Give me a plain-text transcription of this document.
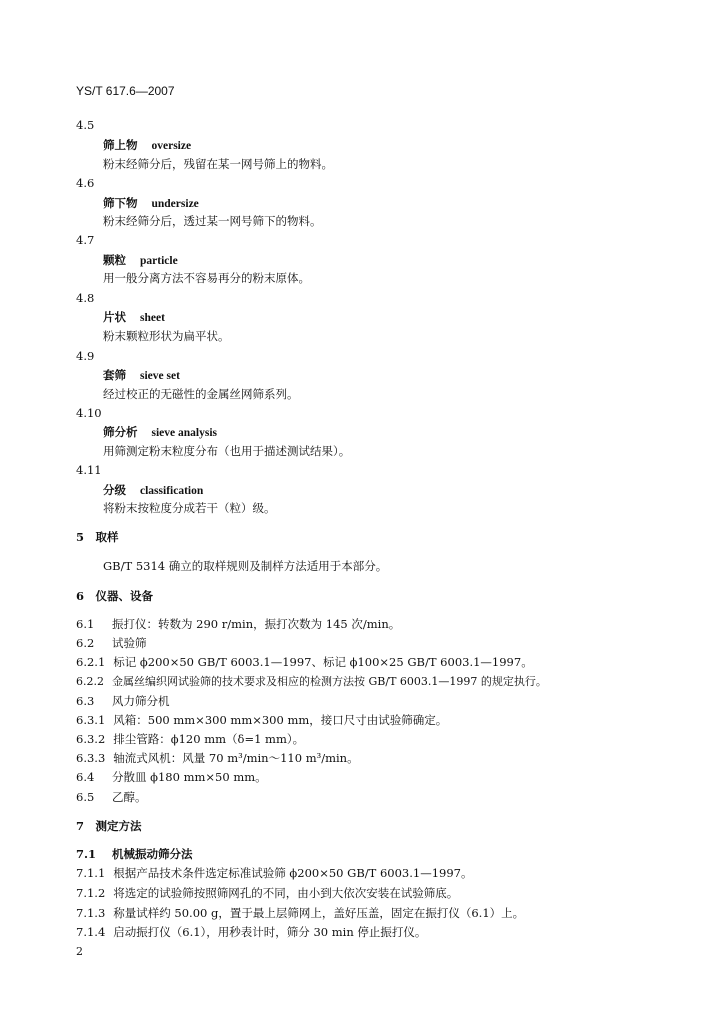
YS/T 617.6—2007
4.5
筛上物 oversize
粉末经筛分后，残留在某一网号筛上的物料。
4.6
筛下物 undersize
粉末经筛分后，透过某一网号筛下的物料。
4.7
颗粒 particle
用一般分离方法不容易再分的粉末原体。
4.8
片状 sheet
粉末颗粒形状为扁平状。
4.9
套筛 sieve set
经过校正的无磁性的金属丝网筛系列。
4.10
筛分析 sieve analysis
用筛测定粉末粒度分布（也用于描述测试结果）。
4.11
分级 classification
将粉末按粒度分成若干（粒）级。
5　取样
GB/T 5314 确立的取样规则及制样方法适用于本部分。
6　仪器、设备
6.1 振打仪：转数为 290 r/min，振打次数为 145 次/min。
6.2 试验筛
6.2.1 标记 ϕ200×50 GB/T 6003.1—1997、标记 ϕ100×25 GB/T 6003.1—1997。
6.2.2 金属丝编织网试验筛的技术要求及相应的检测方法按 GB/T 6003.1—1997 的规定执行。
6.3 风力筛分机
6.3.1 风箱：500 mm×300 mm×300 mm，接口尺寸由试验筛确定。
6.3.2 排尘管路：ϕ120 mm（δ=1 mm）。
6.3.3 轴流式风机：风量 70 m³/min～110 m³/min。
6.4 分散皿 ϕ180 mm×50 mm。
6.5 乙醇。
7　测定方法
7.1 机械振动筛分法
7.1.1 根据产品技术条件选定标准试验筛 ϕ200×50 GB/T 6003.1—1997。
7.1.2 将选定的试验筛按照筛网孔的不同，由小到大依次安装在试验筛底。
7.1.3 称量试样约 50.00 g，置于最上层筛网上，盖好压盖，固定在振打仪（6.1）上。
7.1.4 启动振打仪（6.1），用秒表计时，筛分 30 min 停止振打仪。
2
